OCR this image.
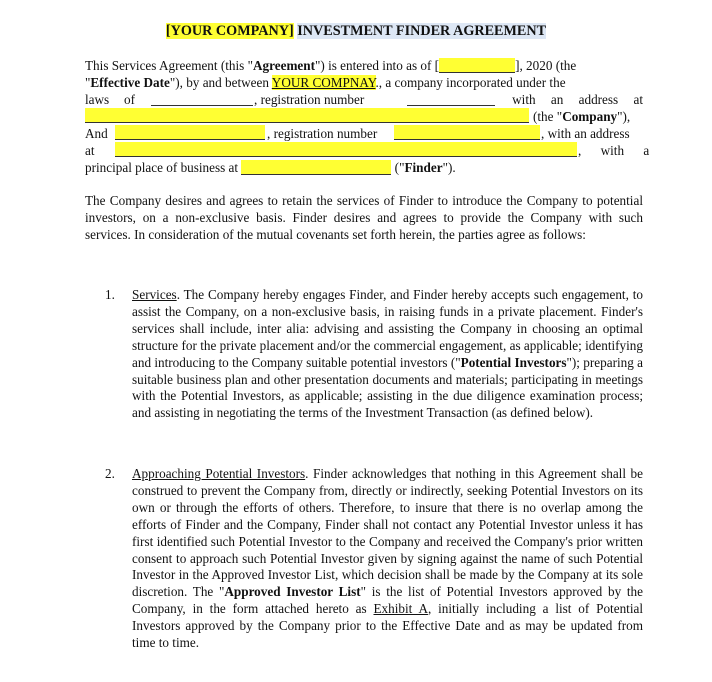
[YOUR COMPANY] INVESTMENT FINDER AGREEMENT
This Services Agreement (this "Agreement") is entered into as of [	], 2020 (the
"Effective Date"), by and between YOUR COMPNAY., a company incorporated under the
laws of	, registration number	with an address at
(the "Company"),
And	, registration number	, with an address
at	, with a
principal place of business at	("Finder").
The Company desires and agrees to retain the services of Finder to introduce the Company to potential investors, on a non-exclusive basis. Finder desires and agrees to provide the Company with such services. In consideration of the mutual covenants set forth herein, the parties agree as follows:
1. Services. The Company hereby engages Finder, and Finder hereby accepts such engagement, to assist the Company, on a non-exclusive basis, in raising funds in a private placement. Finder's services shall include, inter alia: advising and assisting the Company in choosing an optimal structure for the private placement and/or the commercial engagement, as applicable; identifying and introducing to the Company suitable potential investors ("Potential Investors"); preparing a suitable business plan and other presentation documents and materials; participating in meetings with the Potential Investors, as applicable; assisting in the due diligence examination process; and assisting in negotiating the terms of the Investment Transaction (as defined below).
2. Approaching Potential Investors. Finder acknowledges that nothing in this Agreement shall be construed to prevent the Company from, directly or indirectly, seeking Potential Investors on its own or through the efforts of others. Therefore, to insure that there is no overlap among the efforts of Finder and the Company, Finder shall not contact any Potential Investor unless it has first identified such Potential Investor to the Company and received the Company's prior written consent to approach such Potential Investor given by signing against the name of such Potential Investor in the Approved Investor List, which decision shall be made by the Company at its sole discretion. The "Approved Investor List" is the list of Potential Investors approved by the Company, in the form attached hereto as Exhibit A, initially including a list of Potential Investors approved by the Company prior to the Effective Date and as may be updated from time to time.
